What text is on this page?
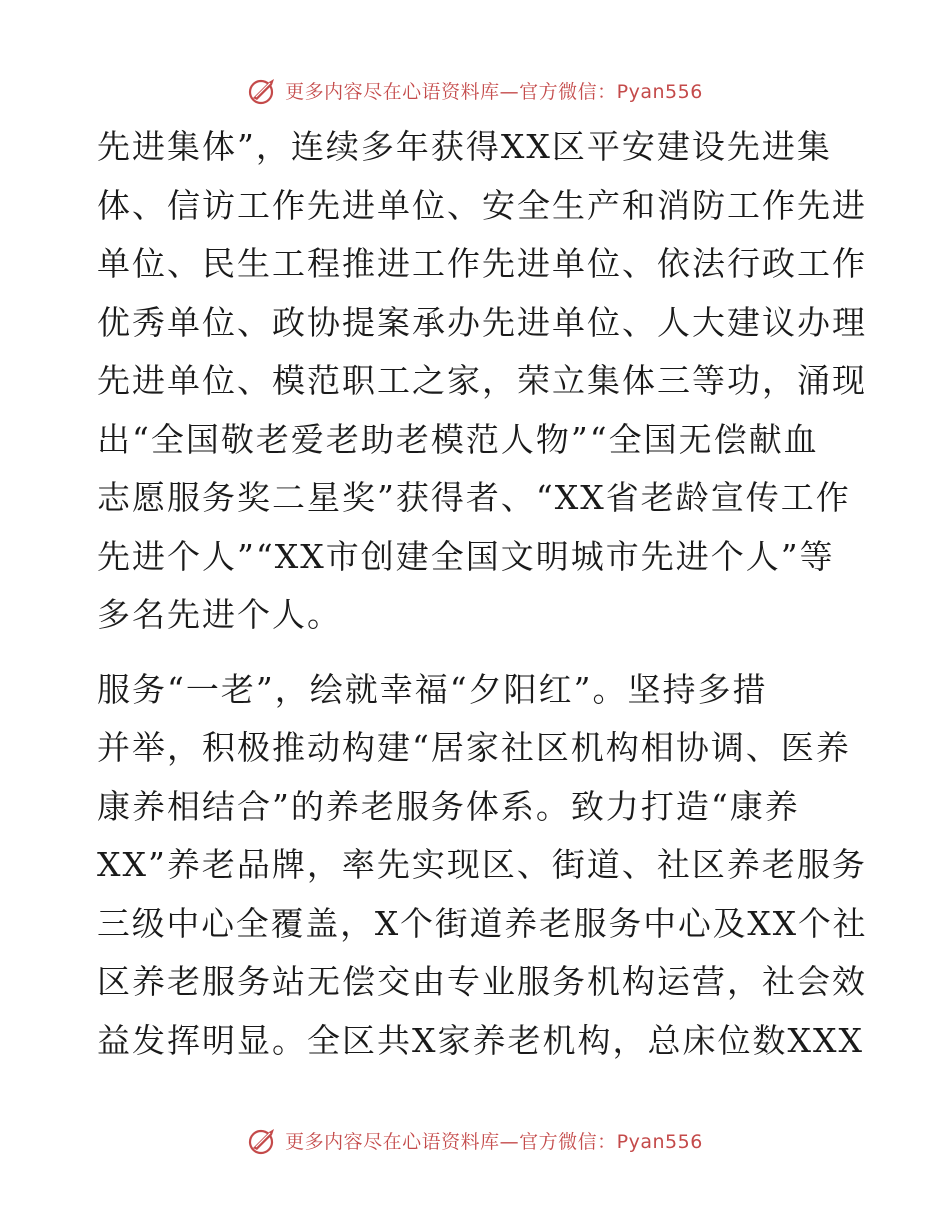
更多内容尽在心语资料库—官方微信：Pyan556

先进集体”，连续多年获得XX区平安建设先进集
体、信访工作先进单位、安全生产和消防工作先进
单位、民生工程推进工作先进单位、依法行政工作
优秀单位、政协提案承办先进单位、人大建议办理
先进单位、模范职工之家，荣立集体三等功，涌现
出“全国敬老爱老助老模范人物”“全国无偿献血
志愿服务奖二星奖”获得者、“XX省老龄宣传工作
先进个人”“XX市创建全国文明城市先进个人”等
多名先进个人。

服务“一老”，绘就幸福“夕阳红”。坚持多措
并举，积极推动构建“居家社区机构相协调、医养
康养相结合”的养老服务体系。致力打造“康养
XX”养老品牌，率先实现区、街道、社区养老服务
三级中心全覆盖，X个街道养老服务中心及XX个社
区养老服务站无偿交由专业服务机构运营，社会效
益发挥明显。全区共X家养老机构，总床位数XXX

更多内容尽在心语资料库—官方微信：Pyan556
